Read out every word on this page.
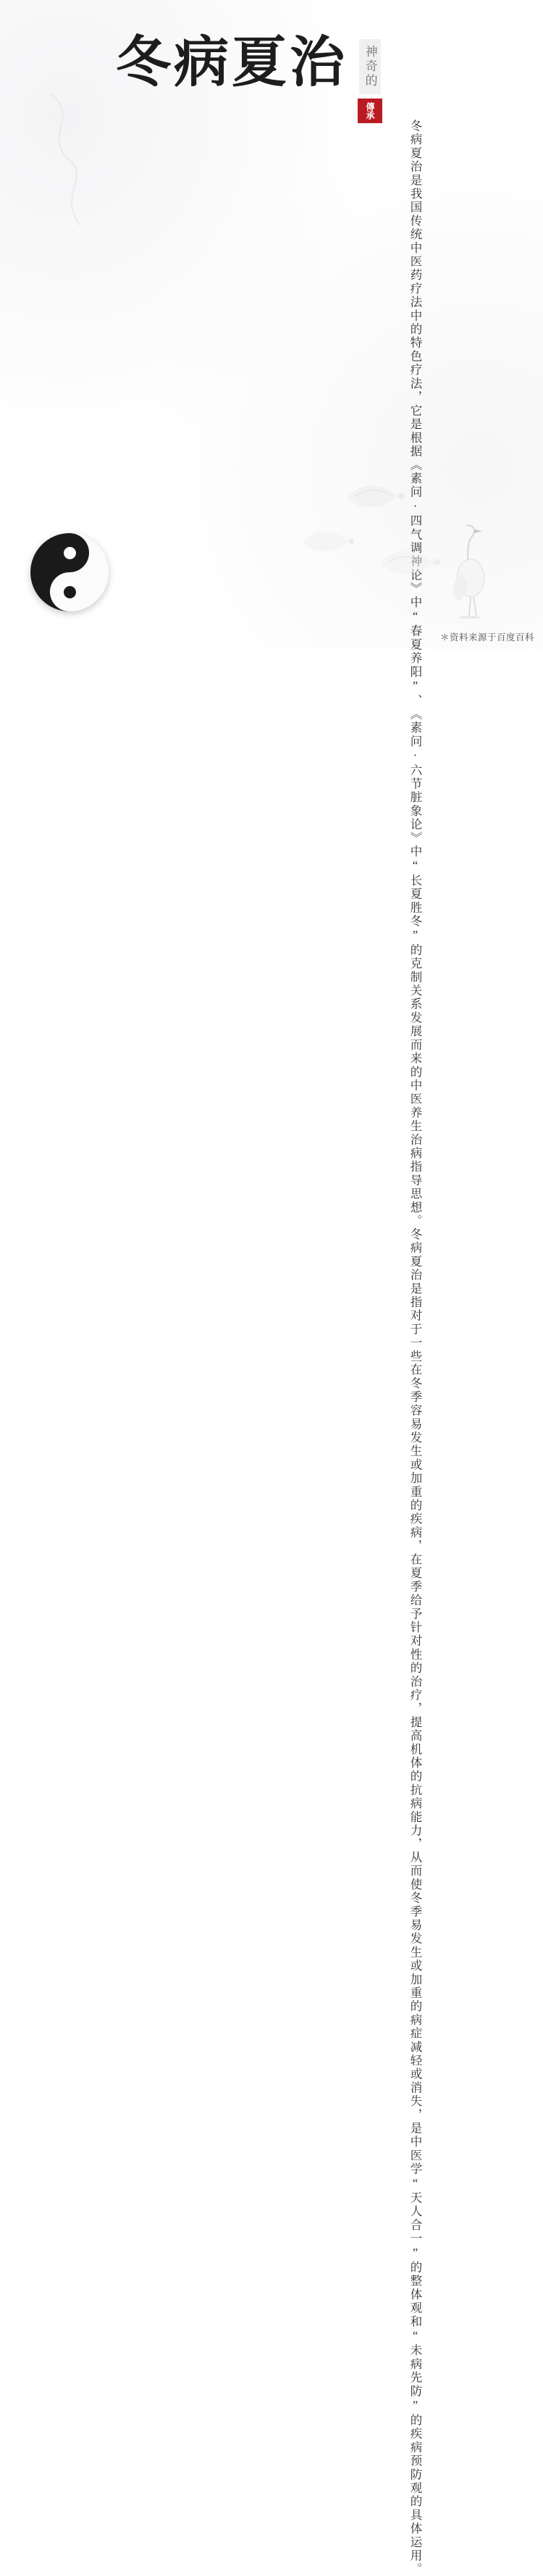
冬病夏治	神奇的
傳承
冬病夏治是我国传统中医药疗法中的特色疗法，
它是根据《素问·四气调神论》中“春夏养阳”、
《素问·六节脏象论》中“长夏胜冬”的克制关系
发展而来的中医养生治病指导思想。
冬病夏治是指对于一些在冬季容易发生或加重的疾病，
在夏季给予针对性的治疗，提高机体的抗病能力，
从而使冬季易发生或加重的病症减轻或消失，
是中医学“天人合一”的整体观和“未病先防”
的疾病预防观的具体运用。
＊资料来源于百度百科
